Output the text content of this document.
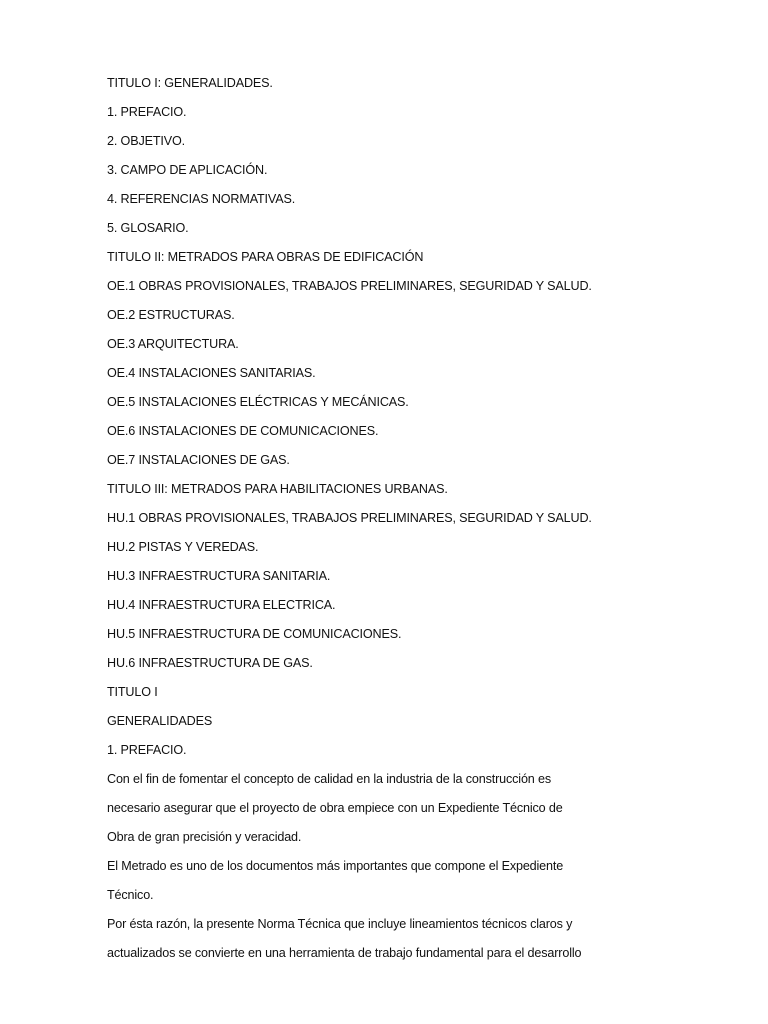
TITULO I: GENERALIDADES.
1. PREFACIO.
2. OBJETIVO.
3. CAMPO DE APLICACIÓN.
4. REFERENCIAS NORMATIVAS.
5. GLOSARIO.
TITULO II: METRADOS PARA OBRAS DE EDIFICACIÓN
OE.1 OBRAS PROVISIONALES, TRABAJOS PRELIMINARES, SEGURIDAD Y SALUD.
OE.2 ESTRUCTURAS.
OE.3 ARQUITECTURA.
OE.4 INSTALACIONES SANITARIAS.
OE.5 INSTALACIONES ELÉCTRICAS Y MECÁNICAS.
OE.6 INSTALACIONES DE COMUNICACIONES.
OE.7 INSTALACIONES DE GAS.
TITULO III: METRADOS PARA HABILITACIONES URBANAS.
HU.1 OBRAS PROVISIONALES, TRABAJOS PRELIMINARES, SEGURIDAD Y SALUD.
HU.2 PISTAS Y VEREDAS.
HU.3 INFRAESTRUCTURA SANITARIA.
HU.4 INFRAESTRUCTURA ELECTRICA.
HU.5 INFRAESTRUCTURA DE COMUNICACIONES.
HU.6 INFRAESTRUCTURA DE GAS.
TITULO I
GENERALIDADES
1. PREFACIO.
Con el fin de fomentar el concepto de calidad en la industria de la construcción es
necesario asegurar que el proyecto de obra empiece con un Expediente Técnico de
Obra de gran precisión y veracidad.
El Metrado es uno de los documentos más importantes que compone el Expediente
Técnico.
Por ésta razón, la presente Norma Técnica que incluye lineamientos técnicos claros y
actualizados se convierte en una herramienta de trabajo fundamental para el desarrollo
